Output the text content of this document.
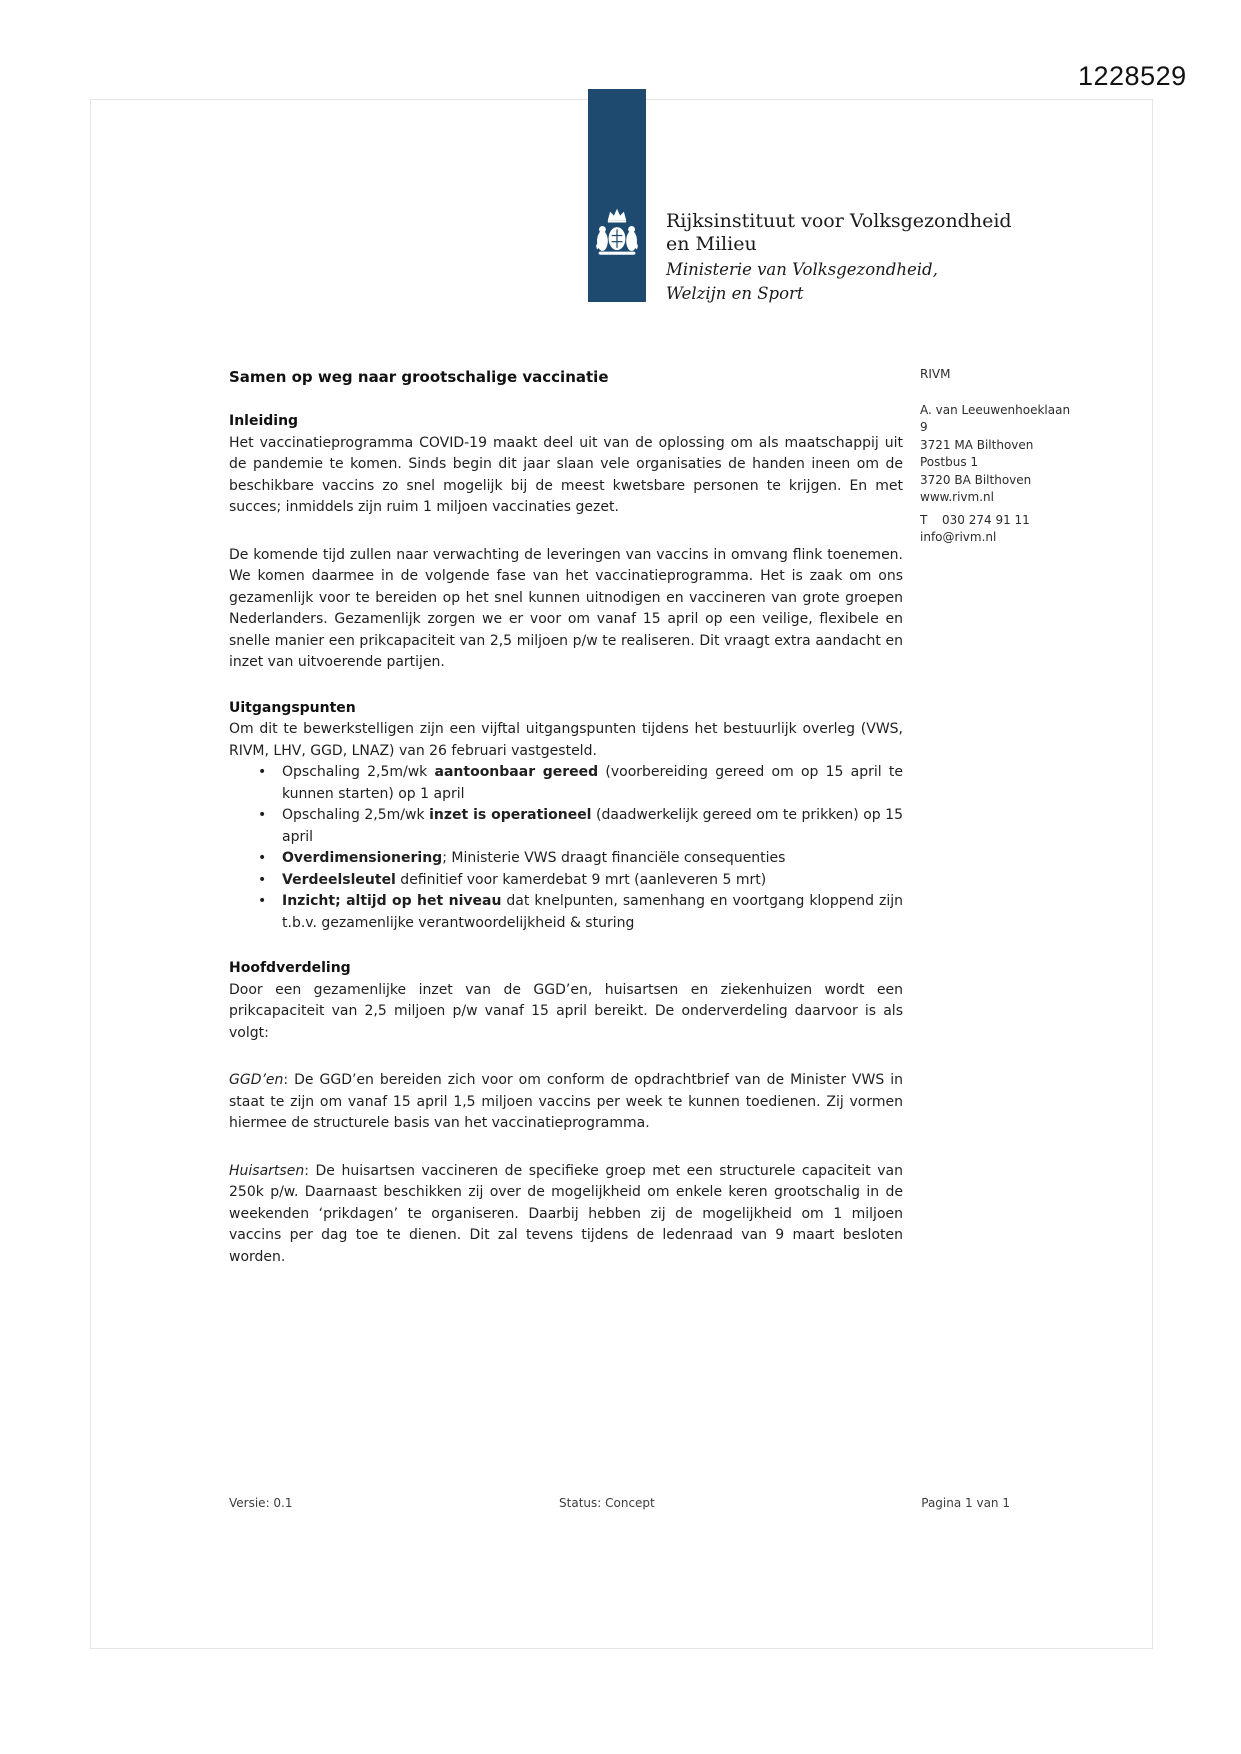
1228529
Rijksinstituut voor Volksgezondheid
en Milieu
Ministerie van Volksgezondheid,
Welzijn en Sport
RIVM
A. van Leeuwenhoeklaan 9
3721 MA Bilthoven
Postbus 1
3720 BA Bilthoven
www.rivm.nl
T 030 274 91 11
info@rivm.nl
Samen op weg naar grootschalige vaccinatie
Inleiding

Het vaccinatieprogramma COVID-19 maakt deel uit van de oplossing om als maatschappij uit de pandemie te komen. Sinds begin dit jaar slaan vele organisaties de handen ineen om de beschikbare vaccins zo snel mogelijk bij de meest kwetsbare personen te krijgen. En met succes; inmiddels zijn ruim 1 miljoen vaccinaties gezet.

De komende tijd zullen naar verwachting de leveringen van vaccins in omvang flink toenemen. We komen daarmee in de volgende fase van het vaccinatieprogramma. Het is zaak om ons gezamenlijk voor te bereiden op het snel kunnen uitnodigen en vaccineren van grote groepen Nederlanders. Gezamenlijk zorgen we er voor om vanaf 15 april op een veilige, flexibele en snelle manier een prikcapaciteit van 2,5 miljoen p/w te realiseren. Dit vraagt extra aandacht en inzet van uitvoerende partijen.

Uitgangspunten

Om dit te bewerkstelligen zijn een vijftal uitgangspunten tijdens het bestuurlijk overleg (VWS, RIVM, LHV, GGD, LNAZ) van 26 februari vastgesteld.

• Opschaling 2,5m/wk aantoonbaar gereed (voorbereiding gereed om op 15 april te kunnen starten) op 1 april
• Opschaling 2,5m/wk inzet is operationeel (daadwerkelijk gereed om te prikken) op 15 april
• Overdimensionering; Ministerie VWS draagt financiële consequenties
• Verdeelsleutel definitief voor kamerdebat 9 mrt (aanleveren 5 mrt)
• Inzicht; altijd op het niveau dat knelpunten, samenhang en voortgang kloppend zijn t.b.v. gezamenlijke verantwoordelijkheid & sturing
Hoofdverdeling

Door een gezamenlijke inzet van de GGD’en, huisartsen en ziekenhuizen wordt een prikcapaciteit van 2,5 miljoen p/w vanaf 15 april bereikt. De onderverdeling daarvoor is als volgt:

GGD’en: De GGD’en bereiden zich voor om conform de opdrachtbrief van de Minister VWS in staat te zijn om vanaf 15 april 1,5 miljoen vaccins per week te kunnen toedienen. Zij vormen hiermee de structurele basis van het vaccinatieprogramma.

Huisartsen: De huisartsen vaccineren de specifieke groep met een structurele capaciteit van 250k p/w. Daarnaast beschikken zij over de mogelijkheid om enkele keren grootschalig in de weekenden ‘prikdagen’ te organiseren. Daarbij hebben zij de mogelijkheid om 1 miljoen vaccins per dag toe te dienen. Dit zal tevens tijdens de ledenraad van 9 maart besloten worden.

Versie: 0.1	Status: Concept	Pagina 1 van 1
